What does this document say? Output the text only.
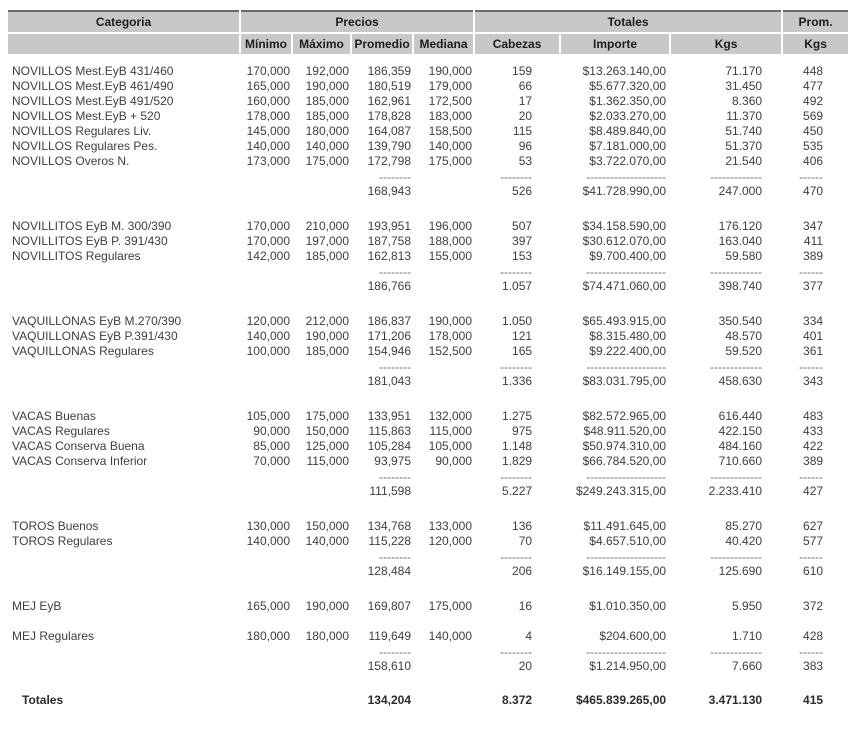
Categoria	Precios				Totales			Prom.
	Mínimo	Máximo	Promedio	Mediana	Cabezas	Importe	Kgs	Kgs

NOVILLOS Mest.EyB 431/460	170,000	192,000	186,359	190,000	159	$13.263.140,00	71.170	448
NOVILLOS Mest.EyB 461/490	165,000	190,000	180,519	179,000	66	$5.677.320,00	31.450	477
NOVILLOS Mest.EyB 491/520	160,000	185,000	162,961	172,500	17	$1.362.350,00	8.360	492
NOVILLOS Mest.EyB + 520	178,000	185,000	178,828	183,000	20	$2.033.270,00	11.370	569
NOVILLOS Regulares Liv.	145,000	180,000	164,087	158,500	115	$8.489.840,00	51.740	450
NOVILLOS Regulares Pes.	140,000	140,000	139,790	140,000	96	$7.181.000,00	51.370	535
NOVILLOS Overos N.	173,000	175,000	172,798	175,000	53	$3.722.070,00	21.540	406
			--------		--------	--------------------	-------------	------
			168,943		526	$41.728.990,00	247.000	470

NOVILLITOS EyB M. 300/390	170,000	210,000	193,951	196,000	507	$34.158.590,00	176.120	347
NOVILLITOS EyB P. 391/430	170,000	197,000	187,758	188,000	397	$30.612.070,00	163.040	411
NOVILLITOS Regulares	142,000	185,000	162,813	155,000	153	$9.700.400,00	59.580	389
			--------		--------	--------------------	-------------	------
			186,766		1.057	$74.471.060,00	398.740	377

VAQUILLONAS EyB M.270/390	120,000	212,000	186,837	190,000	1.050	$65.493.915,00	350.540	334
VAQUILLONAS EyB P.391/430	140,000	190,000	171,206	178,000	121	$8.315.480,00	48.570	401
VAQUILLONAS Regulares	100,000	185,000	154,946	152,500	165	$9.222.400,00	59.520	361
			--------		--------	--------------------	-------------	------
			181,043		1.336	$83.031.795,00	458.630	343

VACAS Buenas	105,000	175,000	133,951	132,000	1.275	$82.572.965,00	616.440	483
VACAS Regulares	90,000	150,000	115,863	115,000	975	$48.911.520,00	422.150	433
VACAS Conserva Buena	85,000	125,000	105,284	105,000	1.148	$50.974.310,00	484.160	422
VACAS Conserva Inferior	70,000	115,000	93,975	90,000	1.829	$66.784.520,00	710.660	389
			--------		--------	--------------------	-------------	------
			111,598		5.227	$249.243.315,00	2.233.410	427

TOROS Buenos	130,000	150,000	134,768	133,000	136	$11.491.645,00	85.270	627
TOROS Regulares	140,000	140,000	115,228	120,000	70	$4.657.510,00	40.420	577
			--------		--------	--------------------	-------------	------
			128,484		206	$16.149.155,00	125.690	610

MEJ EyB	165,000	190,000	169,807	175,000	16	$1.010.350,00	5.950	372

MEJ Regulares	180,000	180,000	119,649	140,000	4	$204.600,00	1.710	428
			--------		--------	--------------------	-------------	------
			158,610		20	$1.214.950,00	7.660	383

Totales			134,204		8.372	$465.839.265,00	3.471.130	415
